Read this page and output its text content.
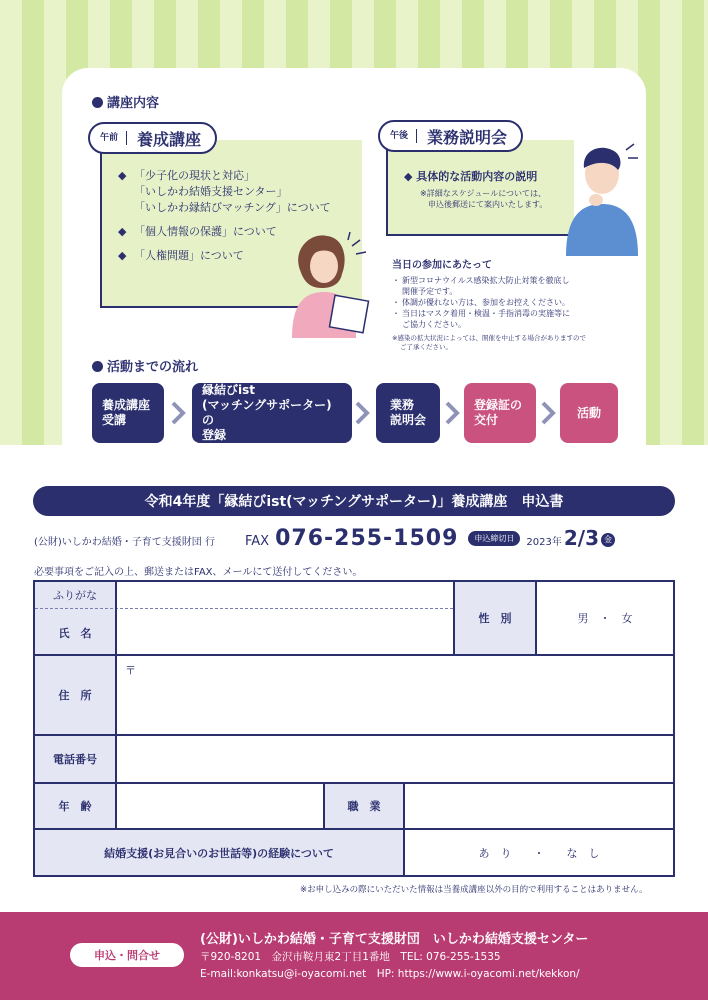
講座内容
午前	養成講座
◆ 「少子化の現状と対応」
「いしかわ結婚支援センター」
「いしかわ縁結びマッチング」について
◆ 「個人情報の保護」について
◆ 「人権問題」について
午後	業務説明会
◆ 具体的な活動内容の説明
※詳細なスケジュールについては、
申込後郵送にて案内いたします。
当日の参加にあたって
・ 新型コロナウイルス感染拡大防止対策を徹底し
開催予定です。
・ 体調が優れない方は、参加をお控えください。
・ 当日はマスク着用・検温・手指消毒の実施等に
ご協力ください。
※感染の拡大状況によっては、開催を中止する場合がありますので
ご了承ください。
活動までの流れ
養成講座
受講
縁結びist
(マッチングサポーター)の
登録
業務
説明会
登録証の
交付
活動
令和4年度「縁結びist(マッチングサポーター)」養成講座　申込書
(公財)いしかわ結婚・子育て支援財団 行 FAX 076-255-1509	申込締切日	2023年 2/3 金
必要事項をご記入の上、郵送またはFAX、メールにて送付してください。
ふりがな
氏　名
性　別	男　・　女
住　所
〒
電話番号
年　齢	職　業
結婚支援(お見合いのお世話等)の経験について	あ　り　　・　　な　し
※お申し込みの際にいただいた情報は当養成講座以外の目的で利用することはありません。
申込・問合せ
(公財)いしかわ結婚・子育て支援財団　いしかわ結婚支援センター
〒920-8201　金沢市鞍月東2丁目1番地　TEL: 076-255-1535
E-mail:konkatsu@i-oyacomi.net　HP: https://www.i-oyacomi.net/kekkon/
